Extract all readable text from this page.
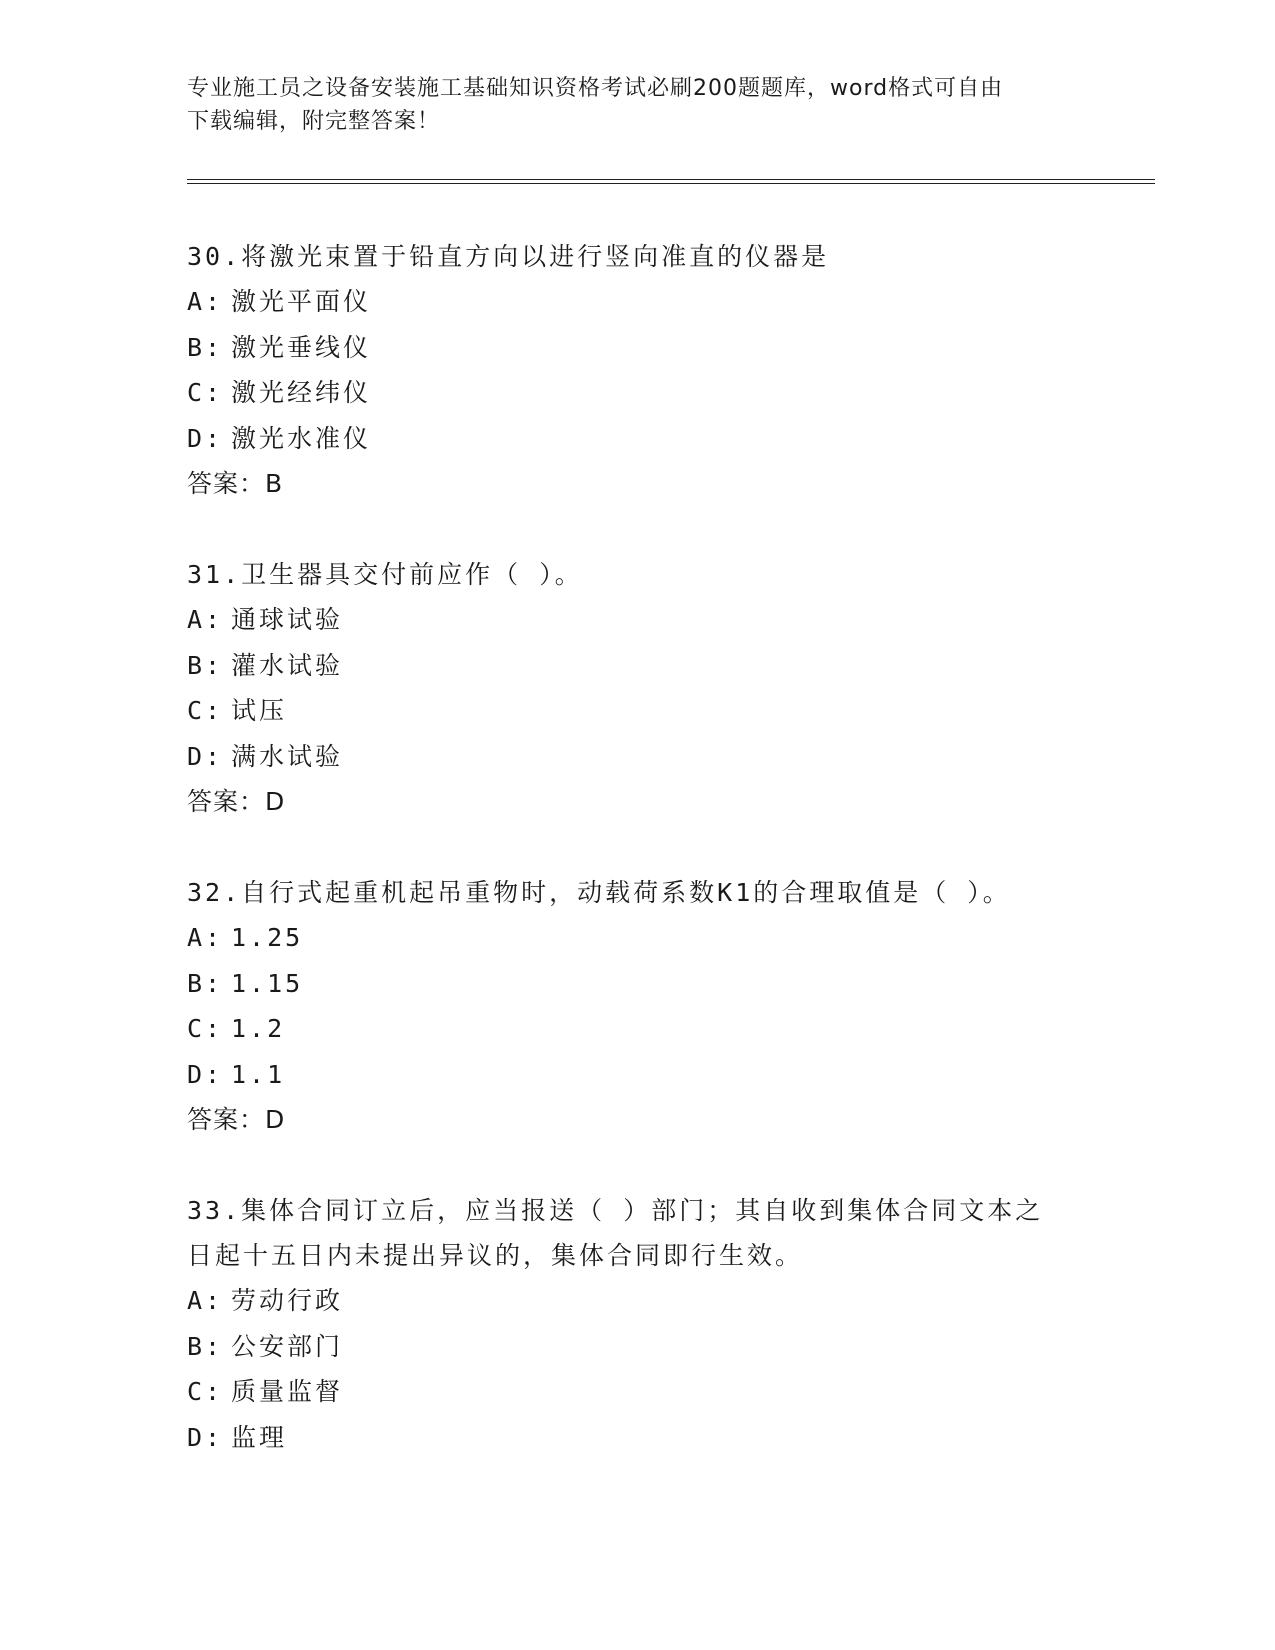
专业施工员之设备安装施工基础知识资格考试必刷200题题库，word格式可自由
下载编辑，附完整答案！

30.将激光束置于铅直方向以进行竖向准直的仪器是

A: 激光平面仪

B: 激光垂线仪

C: 激光经纬仪

D: 激光水准仪

答案：B

31.卫生器具交付前应作（ ）。

A: 通球试验

B: 灌水试验

C: 试压

D: 满水试验

答案：D

32.自行式起重机起吊重物时，动载荷系数K1的合理取值是（ ）。

A: 1.25

B: 1.15

C: 1.2

D: 1.1

答案：D

33.集体合同订立后，应当报送（ ）部门；其自收到集体合同文本之

日起十五日内未提出异议的，集体合同即行生效。

A: 劳动行政

B: 公安部门

C: 质量监督

D: 监理
